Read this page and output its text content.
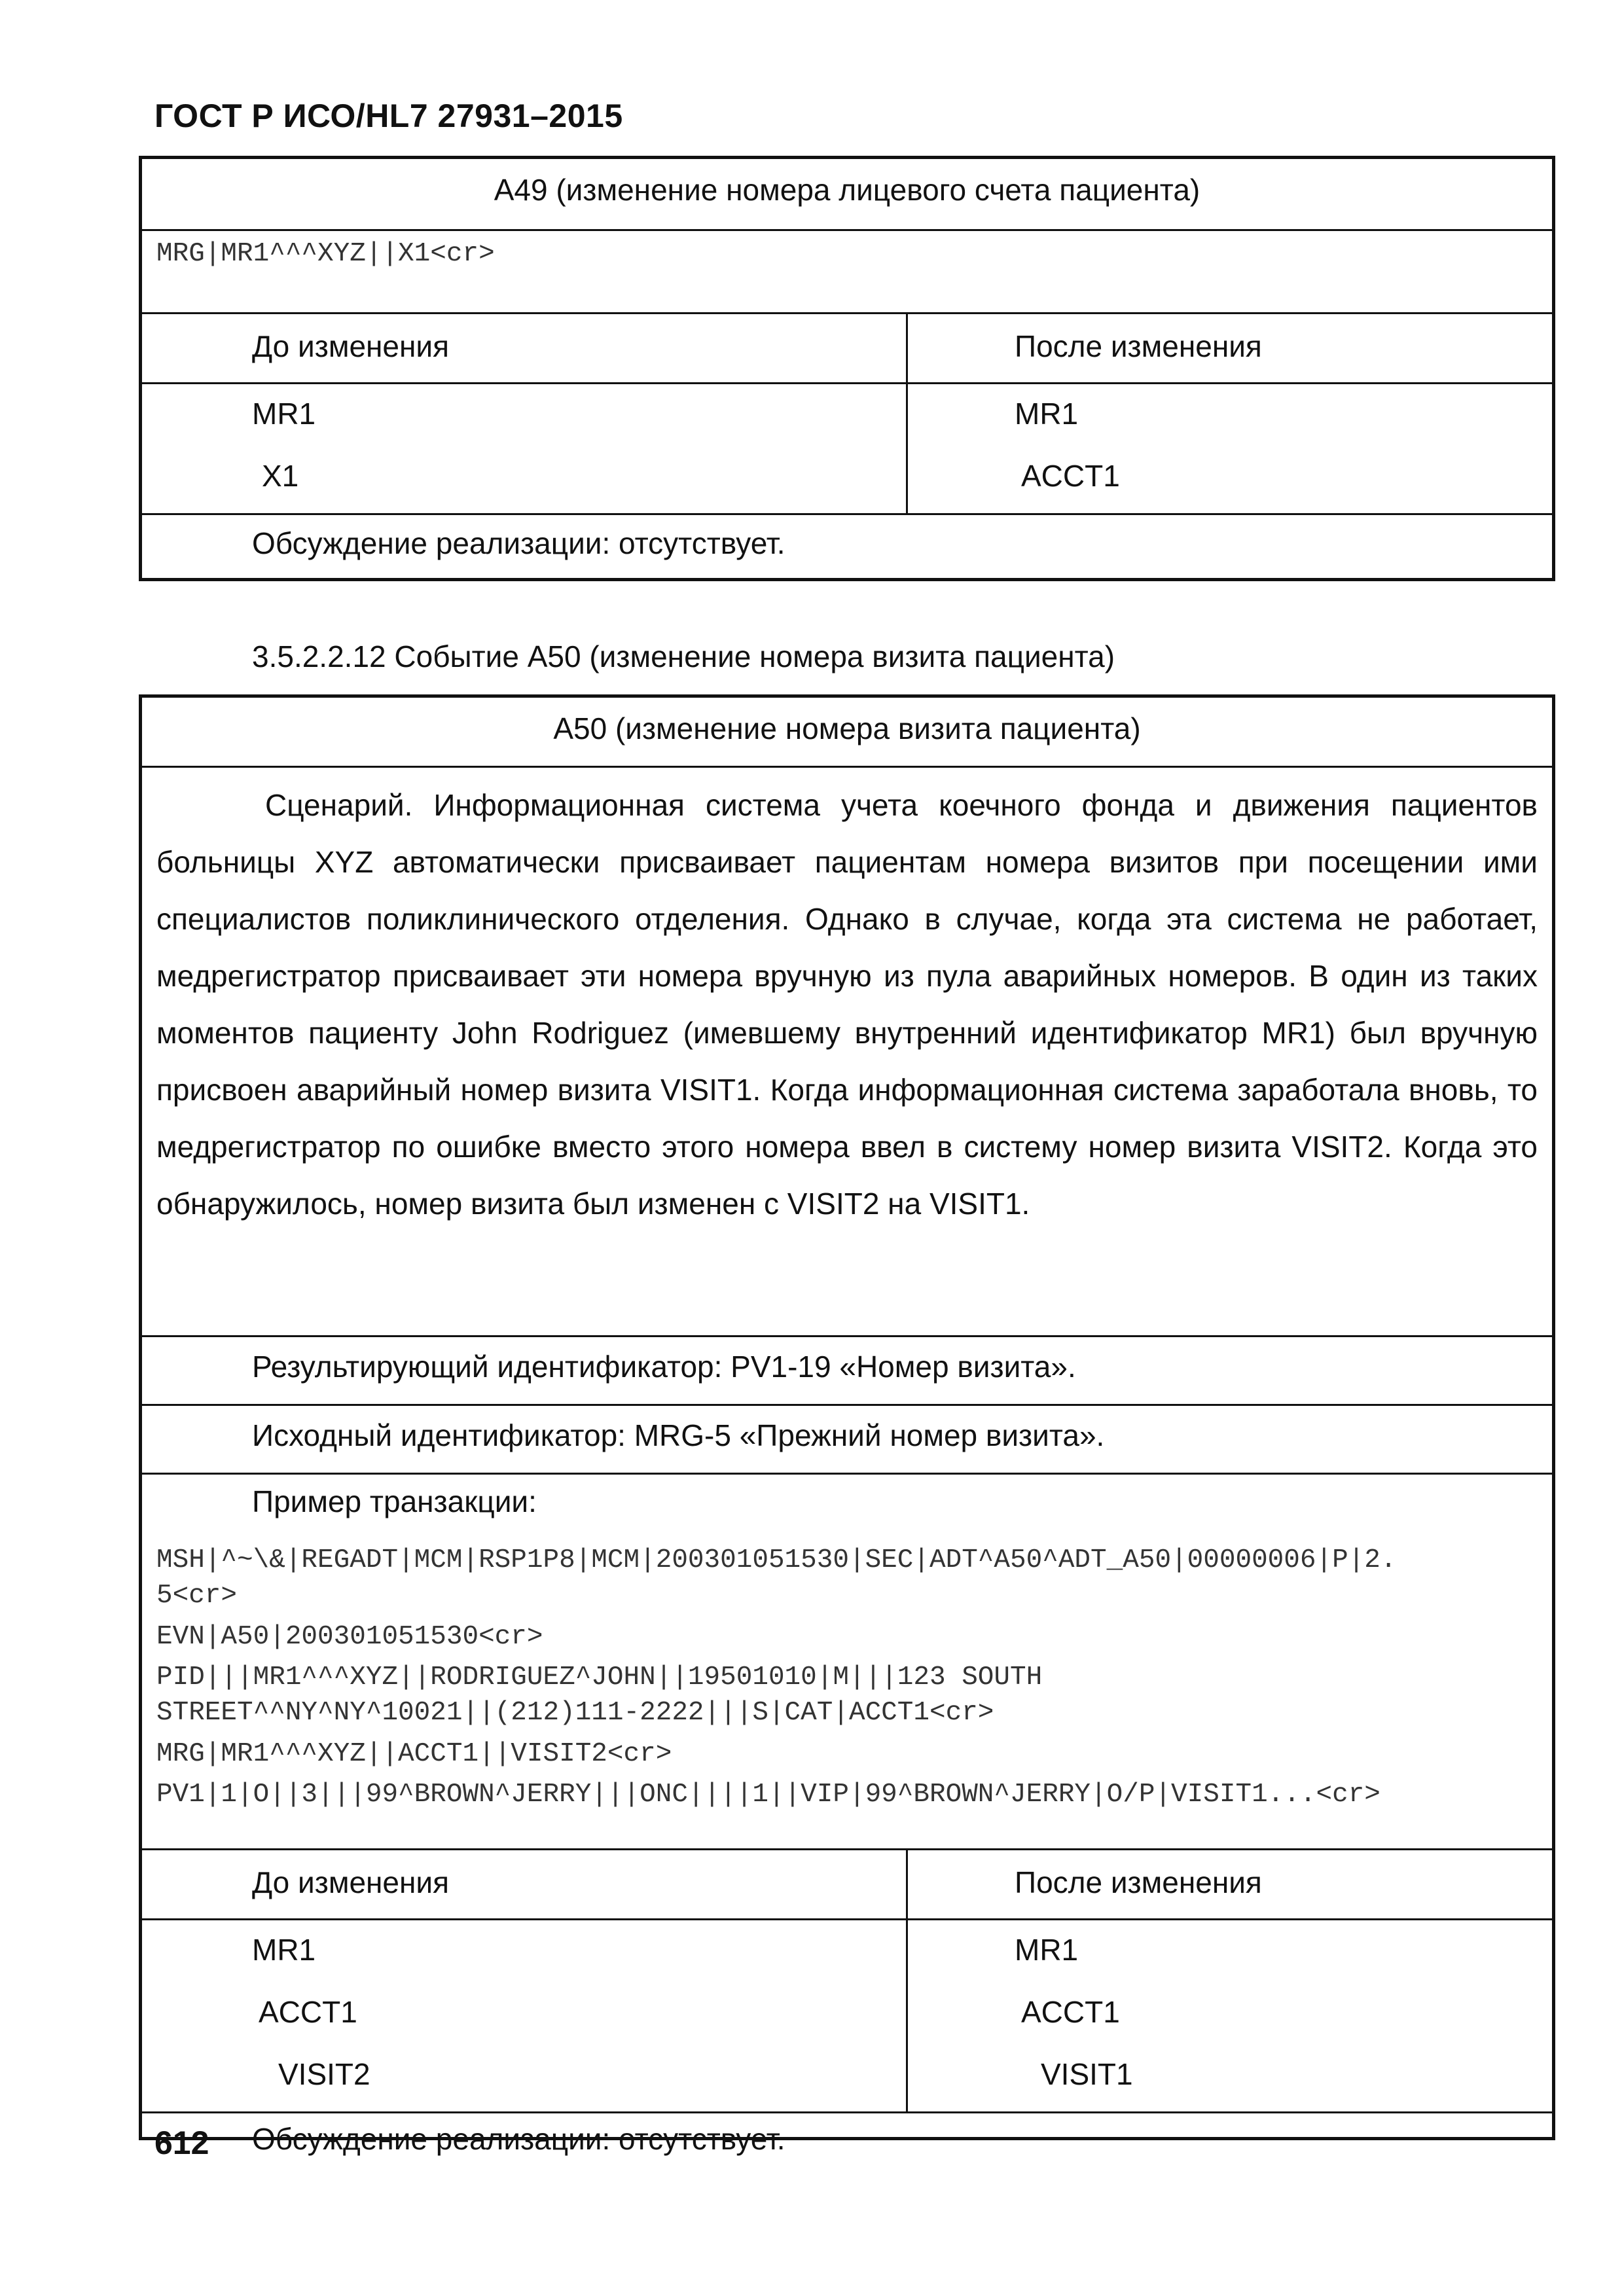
ГОСТ Р ИСО/HL7 27931–2015
А49 (изменение номера лицевого счета пациента)
MRG|MR1^^^XYZ||X1<cr>
До изменения	После изменения
MR1
X1
MR1
ACCT1
Обсуждение реализации: отсутствует.
3.5.2.2.12 Событие А50 (изменение номера визита пациента)
А50 (изменение номера визита пациента)
Сценарий. Информационная система учета коечного фонда и движения пациентов больницы XYZ автоматически присваивает пациентам номера визитов при посещении ими специалистов поликлинического отделения. Однако в случае, когда эта система не работает, медрегистратор присваивает эти номера вручную из пула аварийных номеров. В один из таких моментов пациенту John Rodriguez (имевшему внутренний идентификатор MR1) был вручную присвоен аварийный номер визита VISIT1. Когда информационная система заработала вновь, то медрегистратор по ошибке вместо этого номера ввел в систему номер визита VISIT2. Когда это обнаружилось, номер визита был изменен с VISIT2 на VISIT1.
Результирующий идентификатор: PV1-19 «Номер визита».
Исходный идентификатор: MRG-5 «Прежний номер визита».
Пример транзакции:
MSH|^~\&|REGADT|MCM|RSP1P8|MCM|200301051530|SEC|ADT^A50^ADT_A50|00000006|P|2.
5<cr>
EVN|A50|200301051530<cr>
PID|||MR1^^^XYZ||RODRIGUEZ^JOHN||19501010|M|||123 SOUTH
STREET^^NY^NY^10021||(212)111-2222|||S|CAT|ACCT1<cr>
MRG|MR1^^^XYZ||ACCT1||VISIT2<cr>
PV1|1|O||3|||99^BROWN^JERRY|||ONC||||1||VIP|99^BROWN^JERRY|O/P|VISIT1...<cr>
До изменения	После изменения
MR1
ACCT1
VISIT2
MR1
ACCT1
VISIT1
Обсуждение реализации: отсутствует.
612
